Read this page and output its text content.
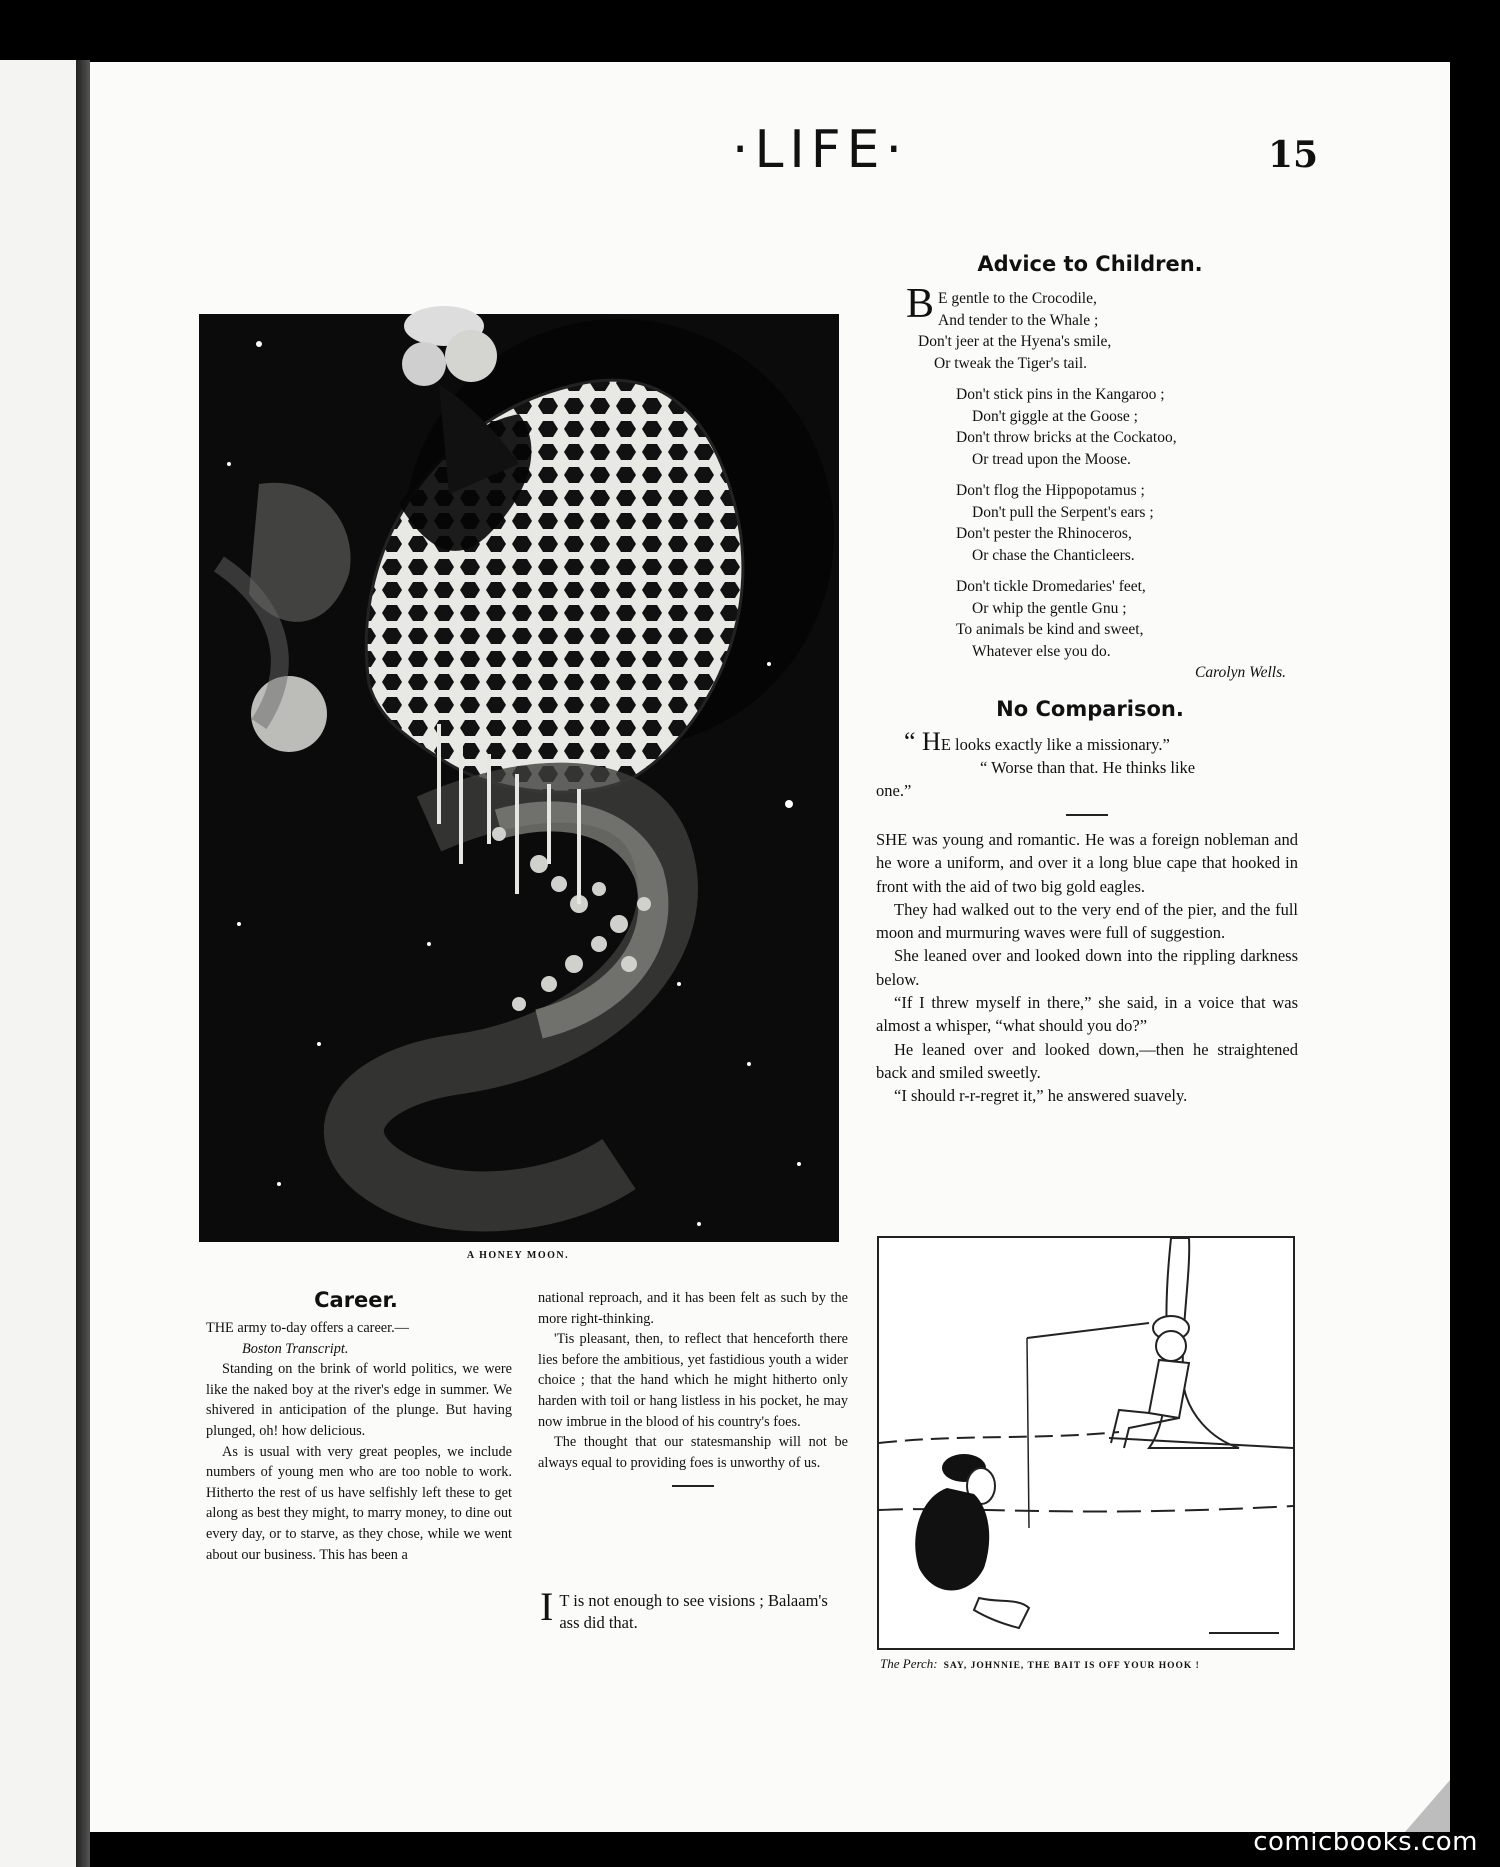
·LIFE·	15
A HONEY MOON.
Advice to Children.

B E gentle to the Crocodile,

And tender to the Whale ;

Don't jeer at the Hyena's smile,

Or tweak the Tiger's tail.

Don't stick pins in the Kangaroo ;

Don't giggle at the Goose ;

Don't throw bricks at the Cockatoo,

Or tread upon the Moose.

Don't flog the Hippopotamus ;

Don't pull the Serpent's ears ;

Don't pester the Rhinoceros,

Or chase the Chanticleers.

Don't tickle Dromedaries' feet,

Or whip the gentle Gnu ;

To animals be kind and sweet,

Whatever else you do.

Carolyn Wells.

No Comparison.

“ HE looks exactly like a missionary.”

“ Worse than that. He thinks like

one.”

SHE was young and romantic. He was a foreign nobleman and he wore a uniform, and over it a long blue cape that hooked in front with the aid of two big gold eagles.

They had walked out to the very end of the pier, and the full moon and murmuring waves were full of suggestion.

She leaned over and looked down into the rippling darkness below.

“If I threw myself in there,” she said, in a voice that was almost a whisper, “what should you do?”

He leaned over and looked down,—then he straightened back and smiled sweetly.

“I should r-r-regret it,” he answered suavely.

The Perch: SAY, JOHNNIE, THE BAIT IS OFF YOUR HOOK !
Career.

THE army to-day offers a career.—

Boston Transcript.

Standing on the brink of world politics, we were like the naked boy at the river's edge in summer. We shivered in anticipation of the plunge. But having plunged, oh! how delicious.

As is usual with very great peoples, we include numbers of young men who are too noble to work. Hitherto the rest of us have selfishly left these to get along as best they might, to marry money, to dine out every day, or to starve, as they chose, while we went about our business. This has been a

national reproach, and it has been felt as such by the more right-thinking.

'Tis pleasant, then, to reflect that henceforth there lies before the ambitious, yet fastidious youth a wider choice ; that the hand which he might hitherto only harden with toil or hang listless in his pocket, he may now imbrue in the blood of his country's foes.

The thought that our statesmanship will not be always equal to providing foes is unworthy of us.

I T is not enough to see visions ; Balaam's ass did that.
comicbooks.com
